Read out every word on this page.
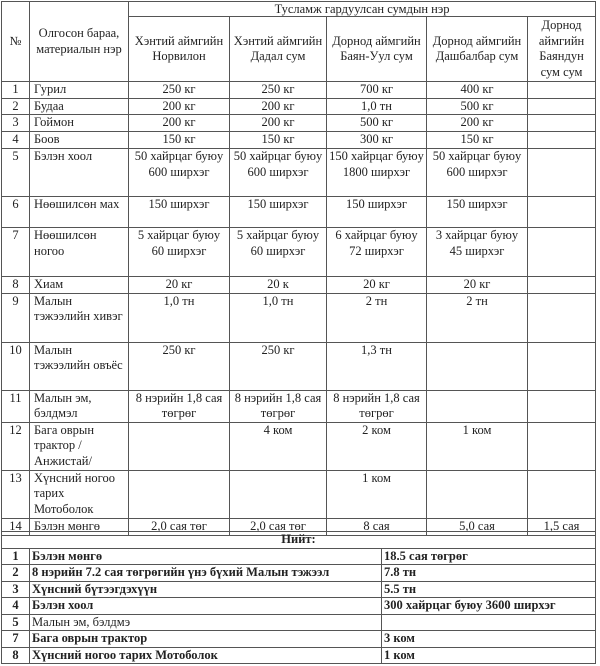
№	Олгосон бараа, материалын нэр	Тусламж гардуулсан сумдын нэр				
		Хэнтий аймгийн Норвилон	Хэнтий аймгийн Дадал сум	Дорнод аймгийн Баян-Уул сум	Дорнод аймгийн Дашбалбар сум	Дорнод аймгийн Баяндун сум сум
1	Гурил	250 кг	250 кг	700 кг	400 кг	
2	Будаа	200 кг	200 кг	1,0 тн	500 кг	
3	Гоймон	200 кг	200 кг	500 кг	200 кг	
4	Боов	150 кг	150 кг	300 кг	150 кг	
5	Бэлэн хоол	50 хайрцаг буюу 600 ширхэг	50 хайрцаг буюу 600 ширхэг	150 хайрцаг буюу 1800 ширхэг	50 хайрцаг буюу 600 ширхэг	
6	Нөөшилсөн мах	150 ширхэг	150 ширхэг	150 ширхэг	150 ширхэг	
7	Нөөшилсөн ногоо	5 хайрцаг буюу 60 ширхэг	5 хайрцаг буюу 60 ширхэг	6 хайрцаг буюу 72 ширхэг	3 хайрцаг буюу 45 ширхэг	
8	Хиам	20 кг	20 к	20 кг	20 кг	
9	Малын тэжээлийн хивэг	1,0 тн	1,0 тн	2 тн	2 тн	
10	Малын тэжээлийн овъёс	250 кг	250 кг	1,3 тн		
11	Малын эм, бэлдмэл	8 нэрийн 1,8 сая төгрөг	8 нэрийн 1,8 сая төгрөг	8 нэрийн 1,8 сая төгрөг		
12	Бага оврын трактор /Анжистай/		4 ком	2 ком	1 ком	
13	Хүнсний ногоо тарих Мотоболок			1 ком		
14	Бэлэн мөнгө	2,0 сая төг	2,0 сая төг	8 сая	5,0 сая	1,5 сая
Нийт:		
1	Бэлэн мөнгө	18.5 сая төгрөг
2	8 нэрийн 7.2 сая төгрөгийн үнэ бүхий Малын тэжээл	7.8 тн
3	Хүнсний бүтээгдэхүүн	5.5 тн
4	Бэлэн хоол	300 хайрцаг буюу 3600 ширхэг
5	Малын эм, бэлдмэ	
7	Бага оврын трактор	3 ком
8	Хүнсний ногоо тарих Мотоболок	1 ком
